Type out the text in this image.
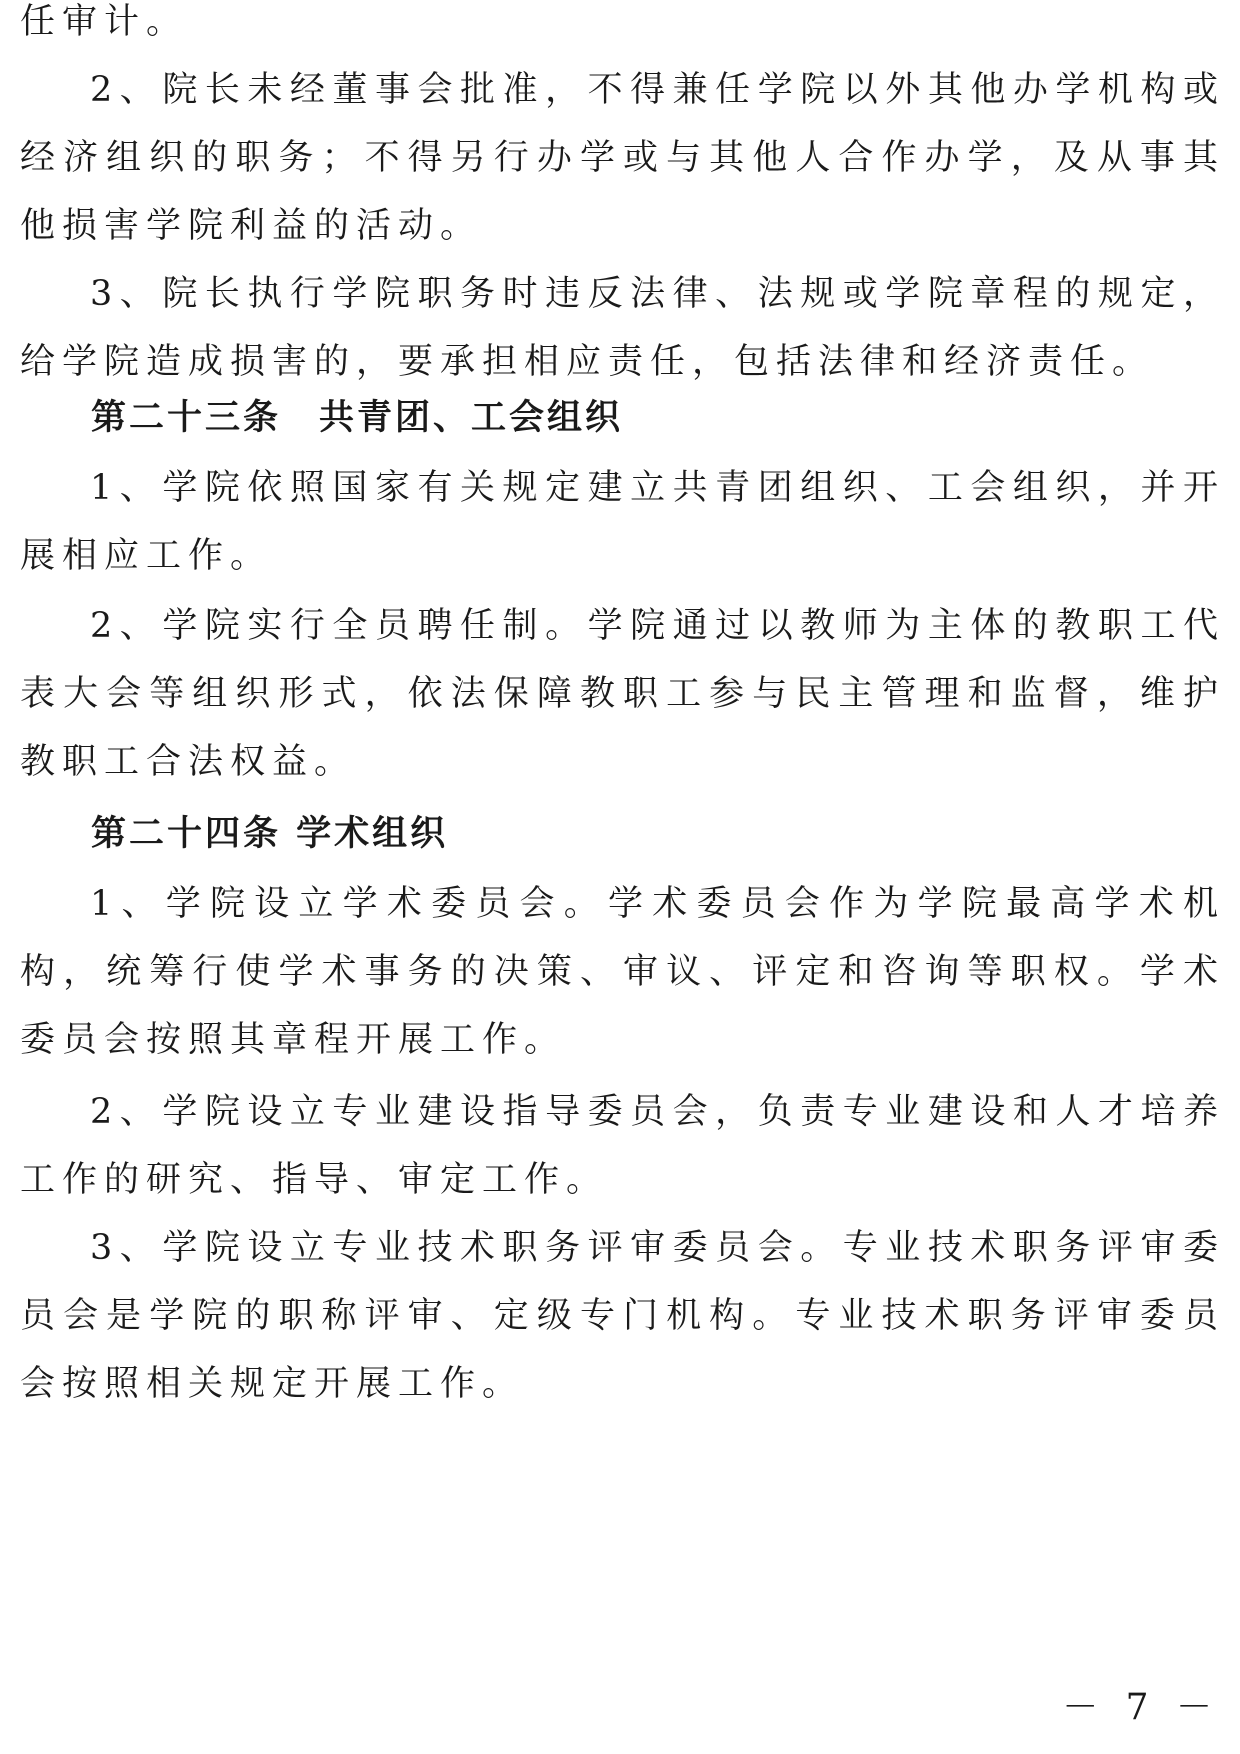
任审计。

2、院长未经董事会批准，不得兼任学院以外其他办学机构或经济组织的职务；不得另行办学或与其他人合作办学，及从事其他损害学院利益的活动。

3、院长执行学院职务时违反法律、法规或学院章程的规定，给学院造成损害的，要承担相应责任，包括法律和经济责任。

第二十三条　共青团、工会组织

1、学院依照国家有关规定建立共青团组织、工会组织，并开展相应工作。

2、学院实行全员聘任制。学院通过以教师为主体的教职工代表大会等组织形式，依法保障教职工参与民主管理和监督，维护教职工合法权益。

第二十四条 学术组织

1、学院设立学术委员会。学术委员会作为学院最高学术机构，统筹行使学术事务的决策、审议、评定和咨询等职权。学术委员会按照其章程开展工作。

2、学院设立专业建设指导委员会，负责专业建设和人才培养工作的研究、指导、审定工作。

3、学院设立专业技术职务评审委员会。专业技术职务评审委员会是学院的职称评审、定级专门机构。专业技术职务评审委员会按照相关规定开展工作。

－ 7 －
